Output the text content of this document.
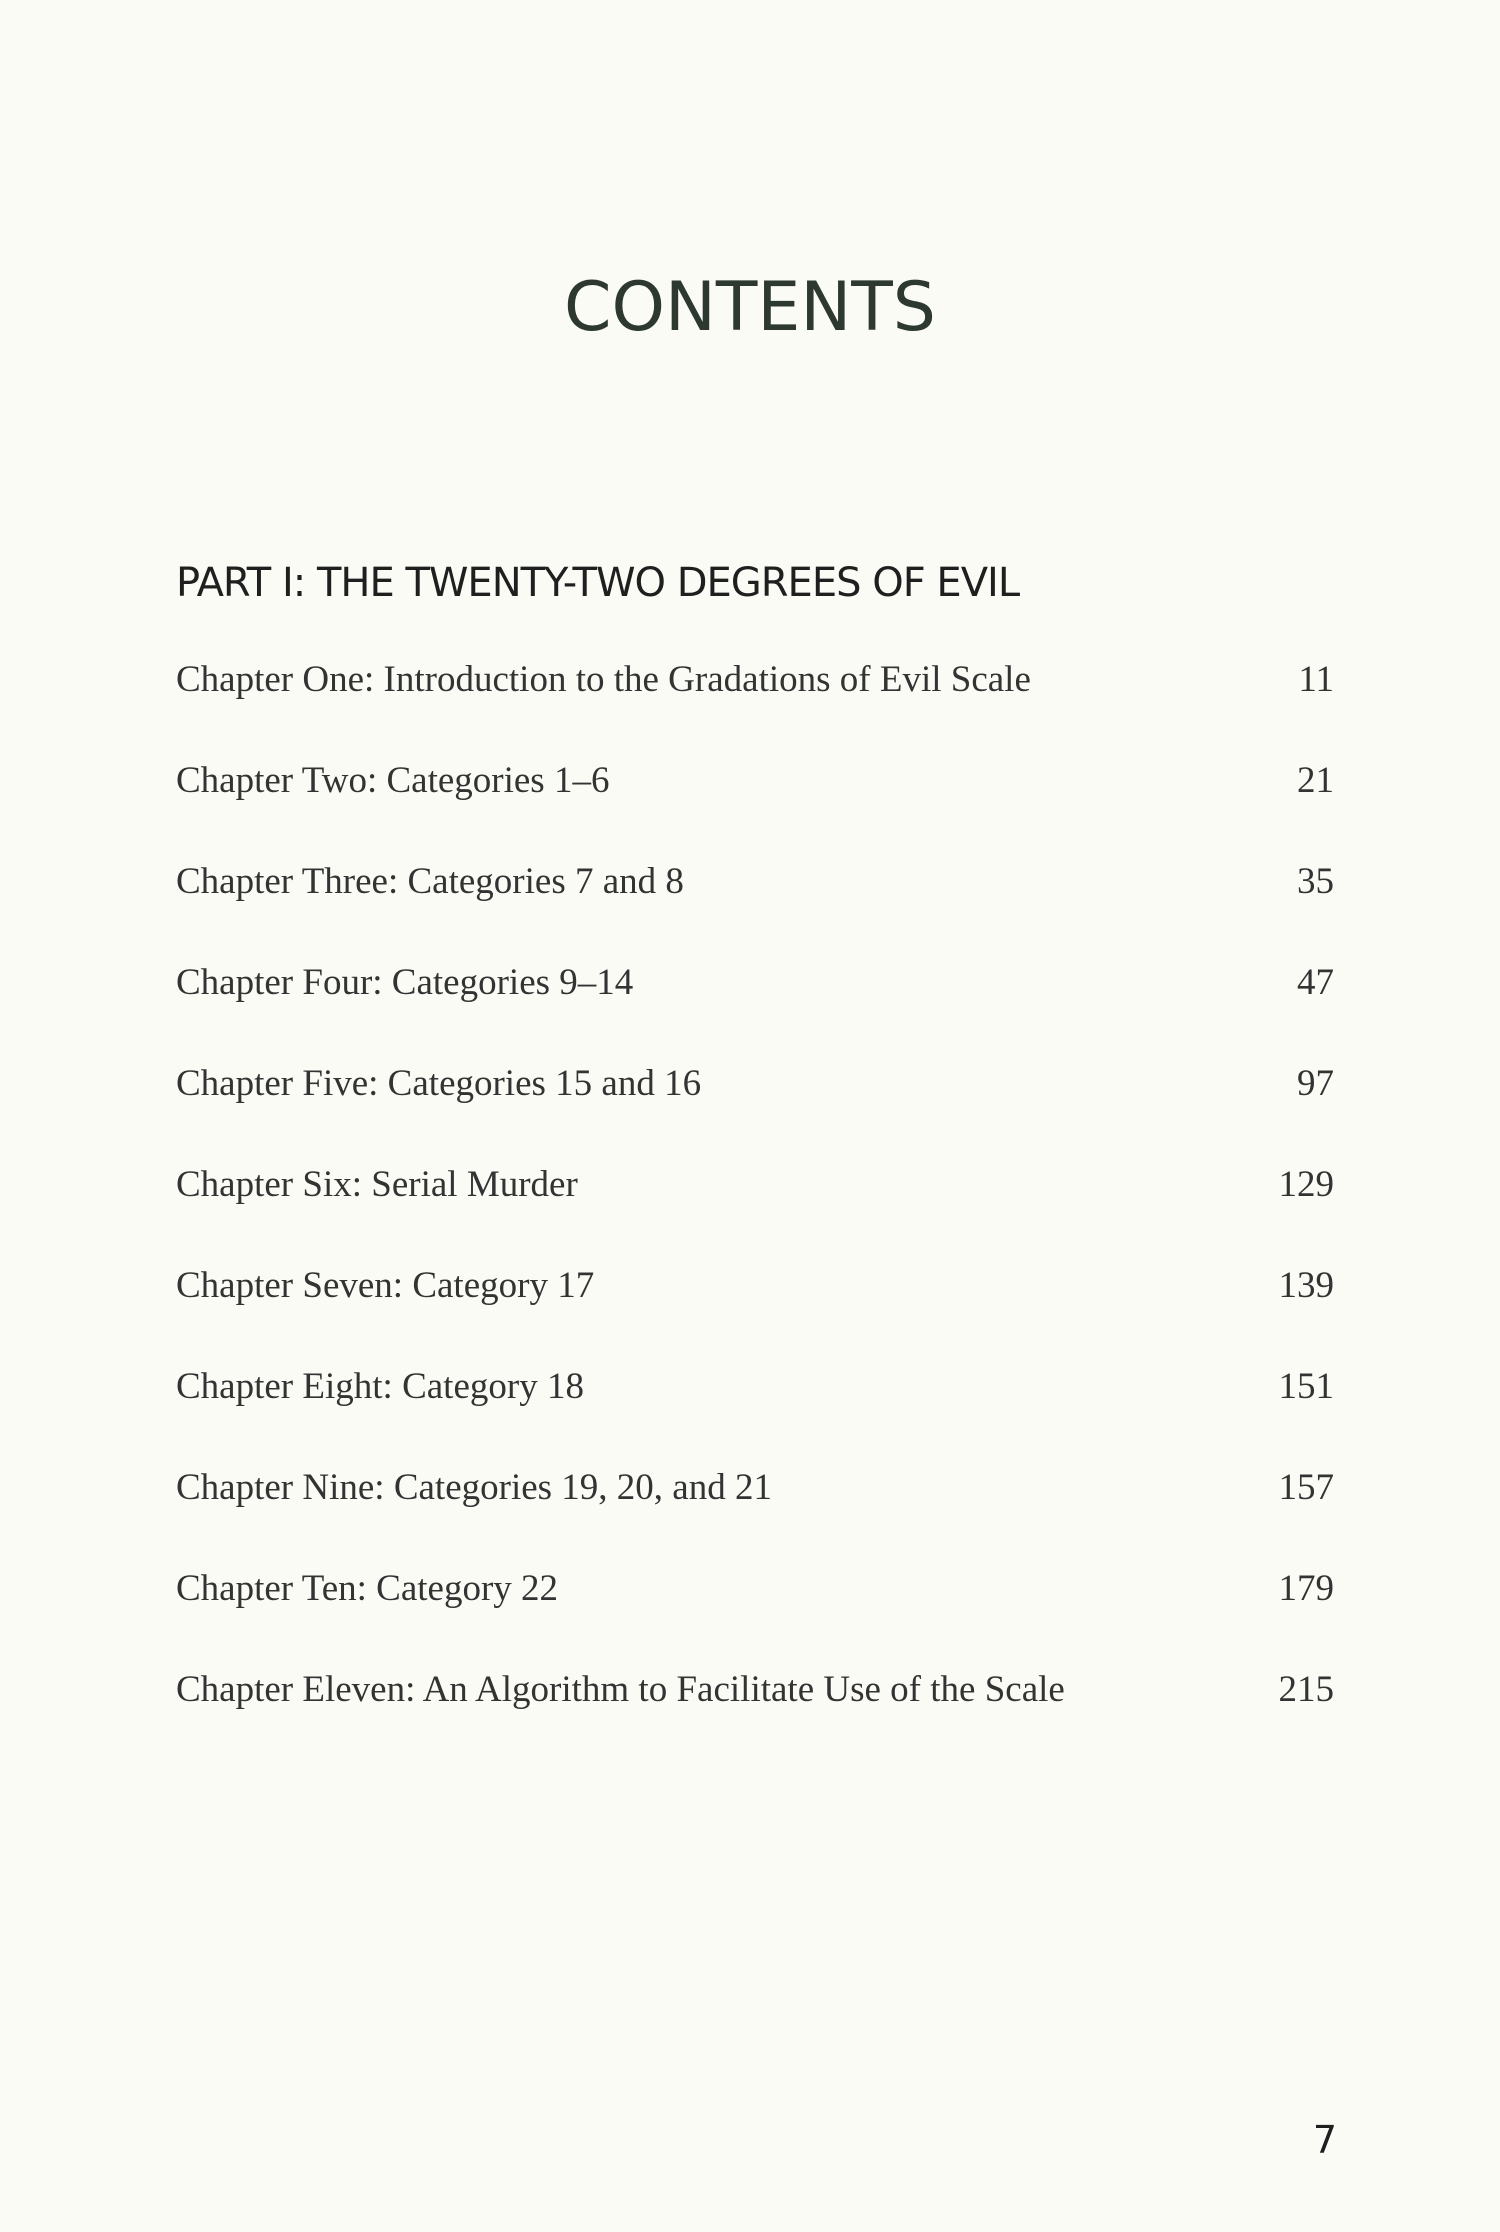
CONTENTS
PART I: THE TWENTY-TWO DEGREES OF EVIL
Chapter One: Introduction to the Gradations of Evil Scale	11
Chapter Two: Categories 1–6	21
Chapter Three: Categories 7 and 8	35
Chapter Four: Categories 9–14	47
Chapter Five: Categories 15 and 16	97
Chapter Six: Serial Murder	129
Chapter Seven: Category 17	139
Chapter Eight: Category 18	151
Chapter Nine: Categories 19, 20, and 21	157
Chapter Ten: Category 22	179
Chapter Eleven: An Algorithm to Facilitate Use of the Scale	215
7
